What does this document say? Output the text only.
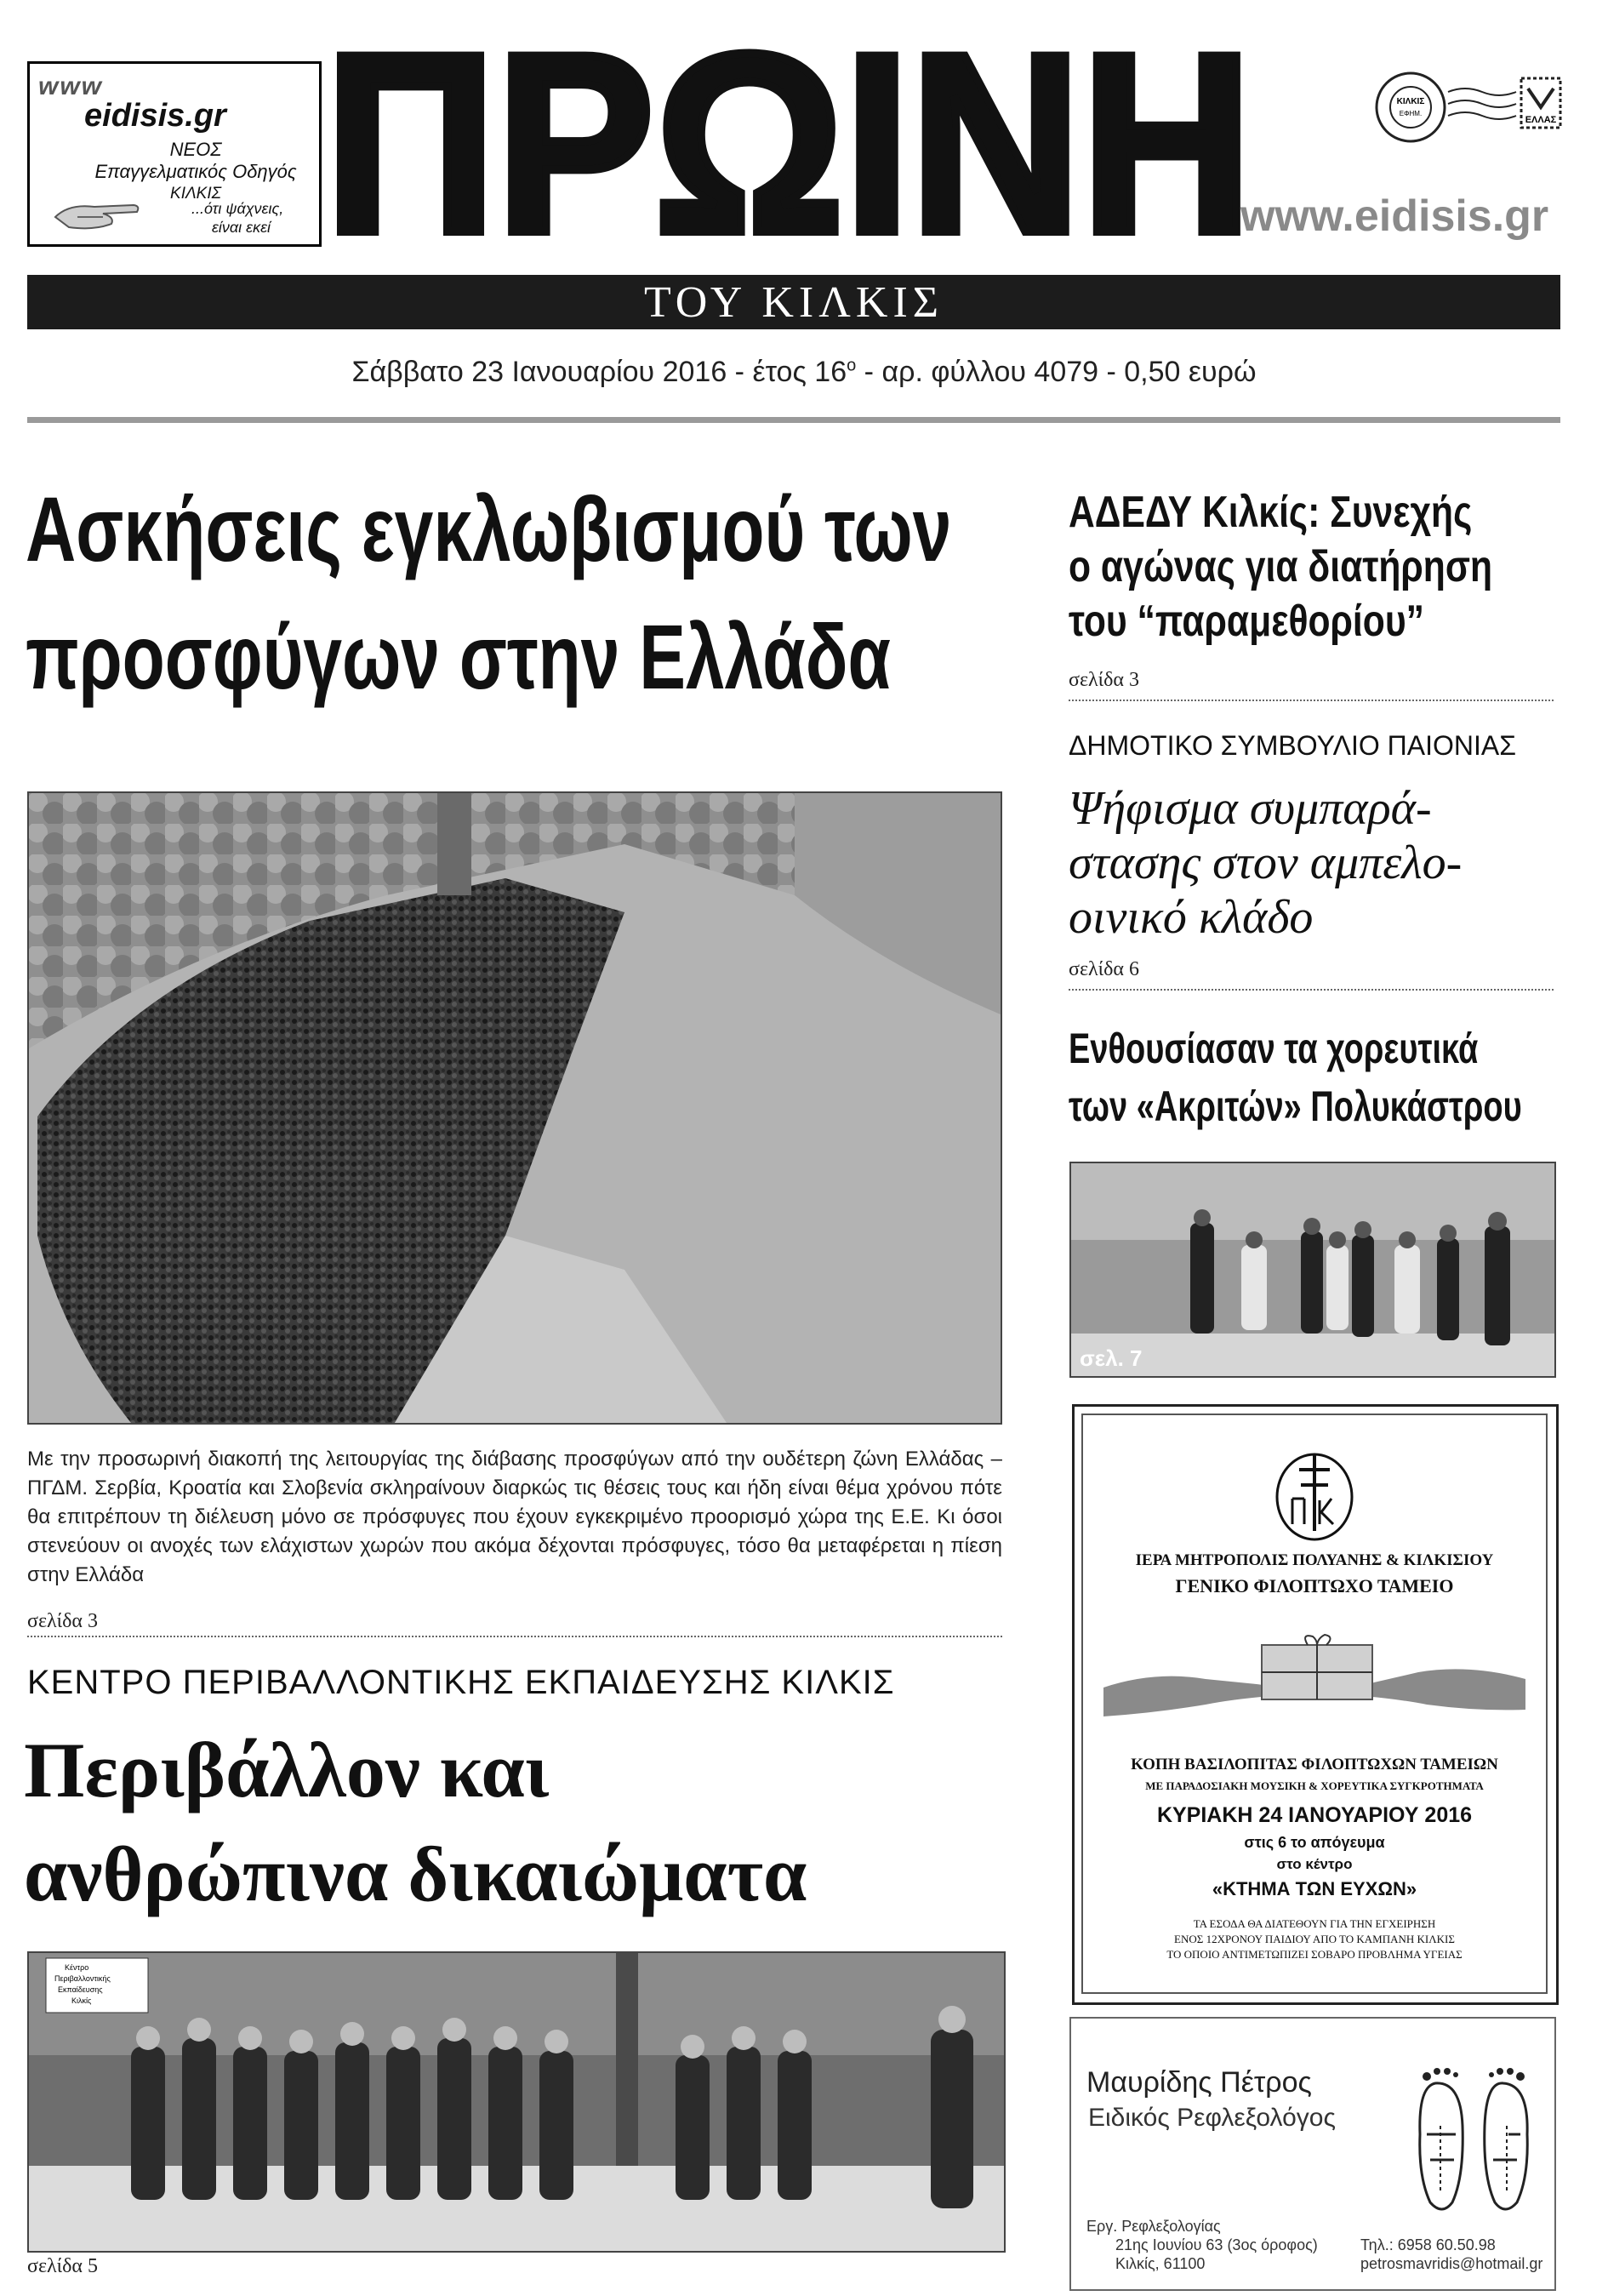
www
eidisis.gr
ΝΕΟΣ
Επαγγελματικός Οδηγός
ΚΙΛΚΙΣ
...ότι ψάχνεις,
είναι εκεί ΠΡΩΙΝΗ	ΚΙΛΚΙΣ
ΕΦΗΜ.
ΕΛΛΑΣ
www.eidisis.gr
ΤΟΥ ΚΙΛΚΙΣ
Σάββατο 23 Ιανουαρίου 2016 - έτος $16^o$ - αρ. φύλλου 4079 - 0,50 ευρώ
Ασκήσεις εγκλωβισμού των
προσφύγων στην Ελλάδα
Με την προσωρινή διακοπή της λειτουργίας της διάβασης προσφύγων από την ουδέτερη ζώνη Ελλάδας – ΠΓΔΜ. Σερβία, Κροατία και Σλοβενία σκληραίνουν διαρκώς τις θέσεις τους και ήδη είναι θέμα χρόνου πότε θα επιτρέπουν τη διέλευση μόνο σε πρόσφυγες που έχουν εγκεκριμένο προορισμό χώρα της Ε.Ε. Κι όσοι στενεύουν οι ανοχές των ελάχιστων χωρών που ακόμα δέχονται πρόσφυγες, τόσο θα μεταφέρεται η πίεση στην Ελλάδα
σελίδα 3
ΚΕΝΤΡΟ ΠΕΡΙΒΑΛΛΟΝΤΙΚΗΣ ΕΚΠΑΙΔΕΥΣΗΣ ΚΙΛΚΙΣ
Περιβάλλον και
ανθρώπινα δικαιώματα
Κέντρο
Περιβαλλοντικής
Εκπαίδευσης
Κιλκίς
σελίδα 5
ΑΔΕΔΥ Κιλκίς: Συνεχής
ο αγώνας για διατήρηση
του “παραμεθορίου”
σελίδα 3
ΔΗΜΟΤΙΚΟ ΣΥΜΒΟΥΛΙΟ ΠΑΙΟΝΙΑΣ
Ψήφισμα συμπαρά-
στασης στον αμπελο-
οινικό κλάδο
σελίδα 6
Ενθουσίασαν τα χορευτικά
των «Ακριτών» Πολυκάστρου
σελ. 7
ΙΕΡΑ ΜΗΤΡΟΠΟΛΙΣ ΠΟΛΥΑΝΗΣ & ΚΙΛΚΙΣΙΟΥ
ΓΕΝΙΚΟ ΦΙΛΟΠΤΩΧΟ ΤΑΜΕΙΟ
ΚΟΠΗ ΒΑΣΙΛΟΠΙΤΑΣ ΦΙΛΟΠΤΩΧΩΝ ΤΑΜΕΙΩΝ
ΜΕ ΠΑΡΑΔΟΣΙΑΚΗ ΜΟΥΣΙΚΗ & ΧΟΡΕΥΤΙΚΑ ΣΥΓΚΡΟΤΗΜΑΤΑ
ΚΥΡΙΑΚΗ 24 ΙΑΝΟΥΑΡΙΟΥ 2016
στις 6 το απόγευμα
στο κέντρο
«ΚΤΗΜΑ ΤΩΝ ΕΥΧΩΝ»
ΤΑ ΕΣΟΔΑ ΘΑ ΔΙΑΤΕΘΟΥΝ ΓΙΑ ΤΗΝ ΕΓΧΕΙΡΗΣΗ
ΕΝΟΣ 12ΧΡΟΝΟΥ ΠΑΙΔΙΟΥ ΑΠΟ ΤΟ ΚΑΜΠΑΝΗ ΚΙΛΚΙΣ
ΤΟ ΟΠΟΙΟ ΑΝΤΙΜΕΤΩΠΙΖΕΙ ΣΟΒΑΡΟ ΠΡΟΒΛΗΜΑ ΥΓΕΙΑΣ
Μαυρίδης Πέτρος
Ειδικός Ρεφλεξολόγος
Εργ. Ρεφλεξολογίας
21ης Ιουνίου 63 (3ος όροφος)
Κιλκίς, 61100
Τηλ.: 6958 60.50.98
petrosmavridis@hotmail.gr
